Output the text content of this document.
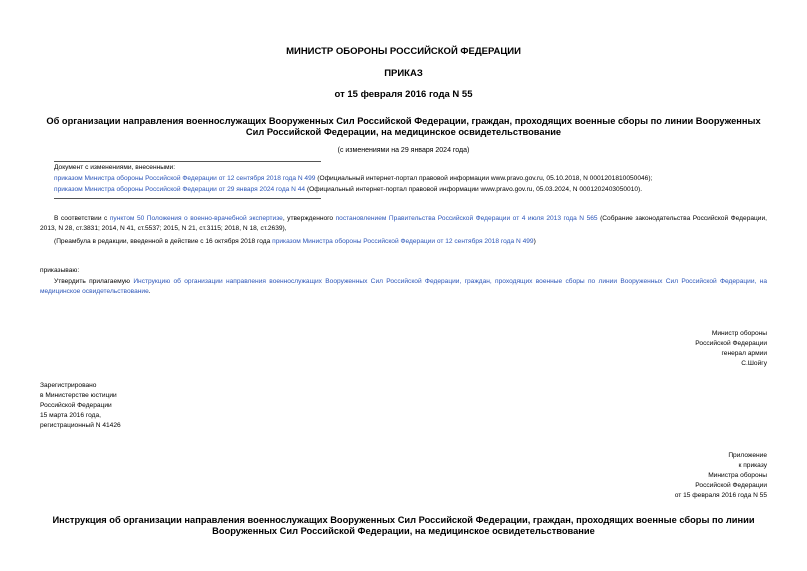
МИНИСТР ОБОРОНЫ РОССИЙСКОЙ ФЕДЕРАЦИИ
ПРИКАЗ
от 15 февраля 2016 года N 55
Об организации направления военнослужащих Вооруженных Сил Российской Федерации, граждан, проходящих военные сборы по линии Вооруженных Сил Российской Федерации, на медицинское освидетельствование
(с изменениями на 29 января 2024 года)
Документ с изменениями, внесенными:
приказом Министра обороны Российской Федерации от 12 сентября 2018 года N 499 (Официальный интернет-портал правовой информации www.pravo.gov.ru, 05.10.2018, N 0001201810050046);
приказом Министра обороны Российской Федерации от 29 января 2024 года N 44 (Официальный интернет-портал правовой информации www.pravo.gov.ru, 05.03.2024, N 0001202403050010).
В соответствии с пунктом 50 Положения о военно-врачебной экспертизе, утвержденного постановлением Правительства Российской Федерации от 4 июля 2013 года N 565 (Собрание законодательства Российской Федерации, 2013, N 28, ст.3831; 2014, N 41, ст.5537; 2015, N 21, ст.3115; 2018, N 18, ст.2639),
(Преамбула в редакции, введенной в действие с 16 октября 2018 года приказом Министра обороны Российской Федерации от 12 сентября 2018 года N 499)
приказываю:
Утвердить прилагаемую Инструкцию об организации направления военнослужащих Вооруженных Сил Российской Федерации, граждан, проходящих военные сборы по линии Вооруженных Сил Российской Федерации, на медицинское освидетельствование.
Министр обороны
Российской Федерации
генерал армии
С.Шойгу
Зарегистрировано
в Министерстве юстиции
Российской Федерации
15 марта 2016 года,
регистрационный N 41426
Приложение
к приказу
Министра обороны
Российской Федерации
от 15 февраля 2016 года N 55
Инструкция об организации направления военнослужащих Вооруженных Сил Российской Федерации, граждан, проходящих военные сборы по линии Вооруженных Сил Российской Федерации, на медицинское освидетельствование
